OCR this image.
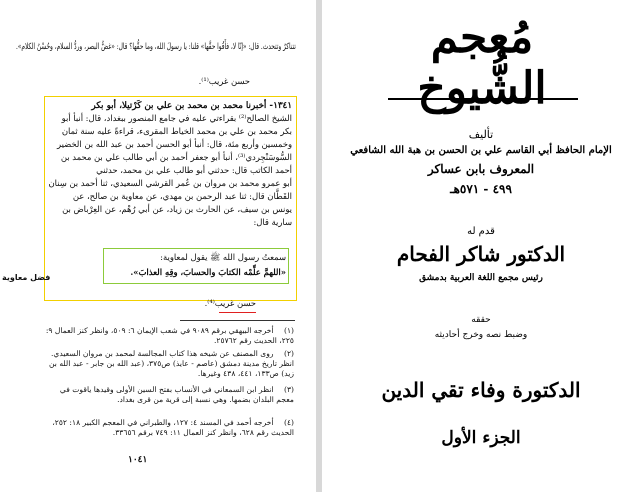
تتناكرُ وتتحدث. قال: «إنّا لا، فأَقُوا حقَّها» قلنا: يا رسولَ الله، وما حقُّها؟ قال: «غضُّ البصر، وردُّ السلام، وحُسْنُ الكلام».
حسن غريب⁽¹⁾.
١٣٤١- أخبرنا محمد بن محمد بن علي بن كَرْتيلا، أبو بكر
الشيخ الصالح⁽²⁾ بقراءتي عليه في جامع المنصور ببغداد، قال: أنبأ أبو
بكر محمد بن علي بن محمد الخياط المقرىء، قراءةً عليه سنة ثمان
وخمسين وأربع مئة، قال: أنبأ أبو الحسن أحمد بن عبد الله بن الخضير
السُّوسَنْجِردي⁽³⁾، أنبأ أبو جعفر أحمد بن أبي طالب علي بن محمد بن
أحمد الكاتب قال: حدثني أبو طالب علي بن محمد، حدثني
أبو عمرو محمد بن مروان بن عُمر القرشي السعيدي، ثنا أحمد بن سِنان
القَطَّان قال: ثنا عبد الرحمن بن مهدي، عن معاوية بن صالح، عن
يونس بن سيف، عن الحارث بن زياد، عن أبي رُهْم، عن العِرْباض بن
سارية قال:
سمعتُ رسول الله ﷺ يقول لمعاوية:
«اللهمَّ علِّمْه الكتابَ والحسابَ، وقِهِ العذابَ».
حسن غريب⁽⁴⁾.
فضل معاوية
(١) أخرجه البيهقي برقم ٩٠٨٩ في شعب الإيمان ٦: ٥٠٩، وانظر كنز العمال ٩: ٢٢٥، الحديث رقم ٢٥٧٦٢.
(٢) روى المصنف عن شيخه هذا كتاب المجالسة لمحمد بن مروان السعيدي. انظر تاريخ مدينة دمشق (عاصم - عايذ) ص٣٧٥، (عبد الله بن جابر - عبد الله بن زيد) ص١٣٣، ٤٤١، ٤٣٨ وغيرها.
(٣) انظر ابن السمعاني في الأنساب بفتح السين الأولى وقيدها ياقوت في معجم البلدان بضمها. وهي نسبة إلى قرية من قرى بغداد.
(٤) أخرجه أحمد في المسند ٤: ١٢٧، والطبراني في المعجم الكبير ١٨: ٢٥٢، الحديث رقم ٦٢٨، وانظر كنز العمال ١١: ٧٤٩ برقم ٣٣٦٥٦.
١٠٤١
مُعجم الشُّيوخ
تأليف
الإمام الحافظ أبي القاسم علي بن الحسن بن هبة الله الشافعي
المعروف بابن عساكر
٤٩٩ - ٥٧١هـ
قدم له
الدكتور شاكر الفحام
رئيس مجمع اللغة العربية بدمشق
حققه
وضبط نصه وخرج أحاديثه
الدكتورة وفاء تقي الدين
الجزء الأول
